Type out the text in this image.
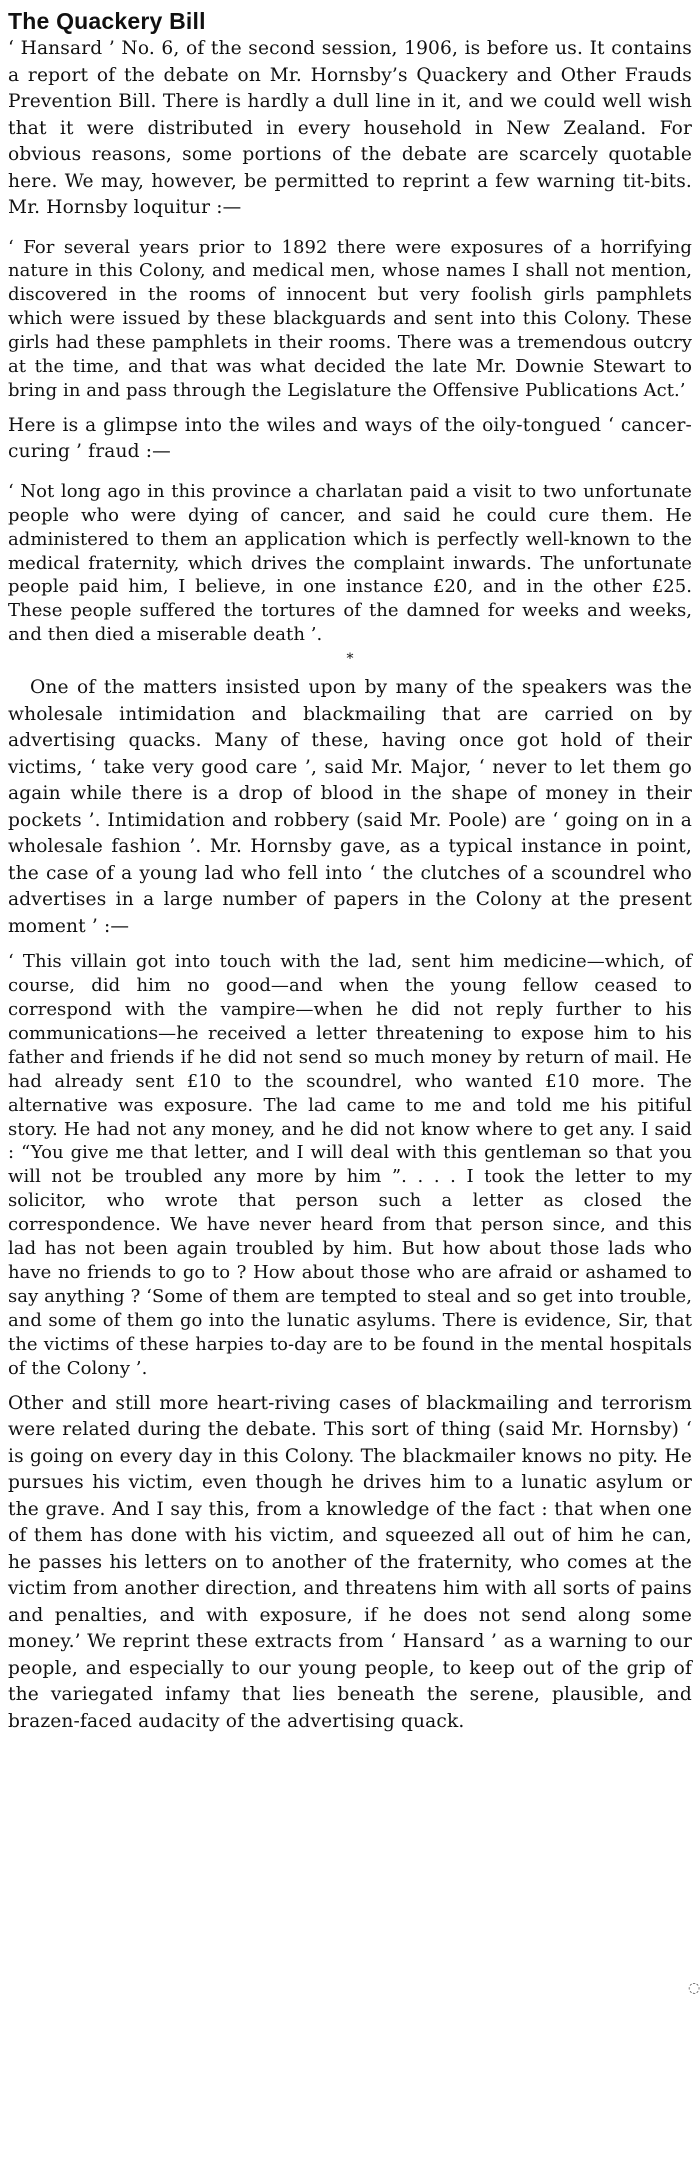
The Quackery Bill

‘ Hansard ’ No. 6, of the second session, 1906, is before us. It contains a report of the debate on Mr. Hornsby’s Quackery and Other Frauds Prevention Bill. There is hardly a dull line in it, and we could well wish that it were distributed in every household in New Zealand. For obvious reasons, some portions of the debate are scarcely quotable here. We may, however, be permitted to reprint a few warning tit-bits. Mr. Hornsby loquitur :—

‘ For several years prior to 1892 there were exposures of a horrifying nature in this Colony, and medical men, whose names I shall not mention, discovered in the rooms of innocent but very foolish girls pamphlets which were issued by these blackguards and sent into this Colony. These girls had these pamphlets in their rooms. There was a tremendous outcry at the time, and that was what decided the late Mr. Downie Stewart to bring in and pass through the Legislature the Offensive Publications Act.’

Here is a glimpse into the wiles and ways of the oily-tongued ‘ cancer- curing ’ fraud :—

‘ Not long ago in this province a charlatan paid a visit to two unfortunate people who were dying of cancer, and said he could cure them. He administered to them an application which is perfectly well-known to the medical fraternity, which drives the complaint inwards. The unfortunate people paid him, I believe, in one instance £20, and in the other £25. These people suffered the tortures of the damned for weeks and weeks, and then died a miserable death ’.

*

One of the matters insisted upon by many of the speakers was the wholesale intimidation and blackmailing that are carried on by advertising quacks. Many of these, having once got hold of their victims, ‘ take very good care ’, said Mr. Major, ‘ never to let them go again while there is a drop of blood in the shape of money in their pockets ’. Intimidation and robbery (said Mr. Poole) are ‘ going on in a wholesale fashion ’. Mr. Hornsby gave, as a typical instance in point, the case of a young lad who fell into ‘ the clutches of a scoundrel who advertises in a large number of papers in the Colony at the present moment ’ :—

‘ This villain got into touch with the lad, sent him medicine—which, of course, did him no good—and when the young fellow ceased to correspond with the vampire—when he did not reply further to his communications—he received a letter threatening to expose him to his father and friends if he did not send so much money by return of mail. He had already sent £10 to the scoundrel, who wanted £10 more. The alternative was exposure. The lad came to me and told me his pitiful story. He had not any money, and he did not know where to get any. I said : “You give me that letter, and I will deal with this gentleman so that you will not be troubled any more by him ”. . . . I took the letter to my solicitor, who wrote that person such a letter as closed the correspondence. We have never heard from that person since, and this lad has not been again troubled by him. But how about those lads who have no friends to go to ? How about those who are afraid or ashamed to say anything ? ‘Some of them are tempted to steal and so get into trouble, and some of them go into the lunatic asylums. There is evidence, Sir, that the victims of these harpies to-day are to be found in the mental hospitals of the Colony ’.

Other and still more heart-riving cases of blackmailing and terrorism were related during the debate. This sort of thing (said Mr. Hornsby) ‘ is going on every day in this Colony. The blackmailer knows no pity. He pursues his victim, even though he drives him to a lunatic asylum or the grave. And I say this, from a knowledge of the fact : that when one of them has done with his victim, and squeezed all out of him he can, he passes his letters on to another of the fraternity, who comes at the victim from another direction, and threatens him with all sorts of pains and penalties, and with exposure, if he does not send along some money.’ We reprint these extracts from ‘ Hansard ’ as a warning to our people, and especially to our young people, to keep out of the grip of the variegated infamy that lies beneath the serene, plausible, and brazen-faced audacity of the advertising quack.

◌
